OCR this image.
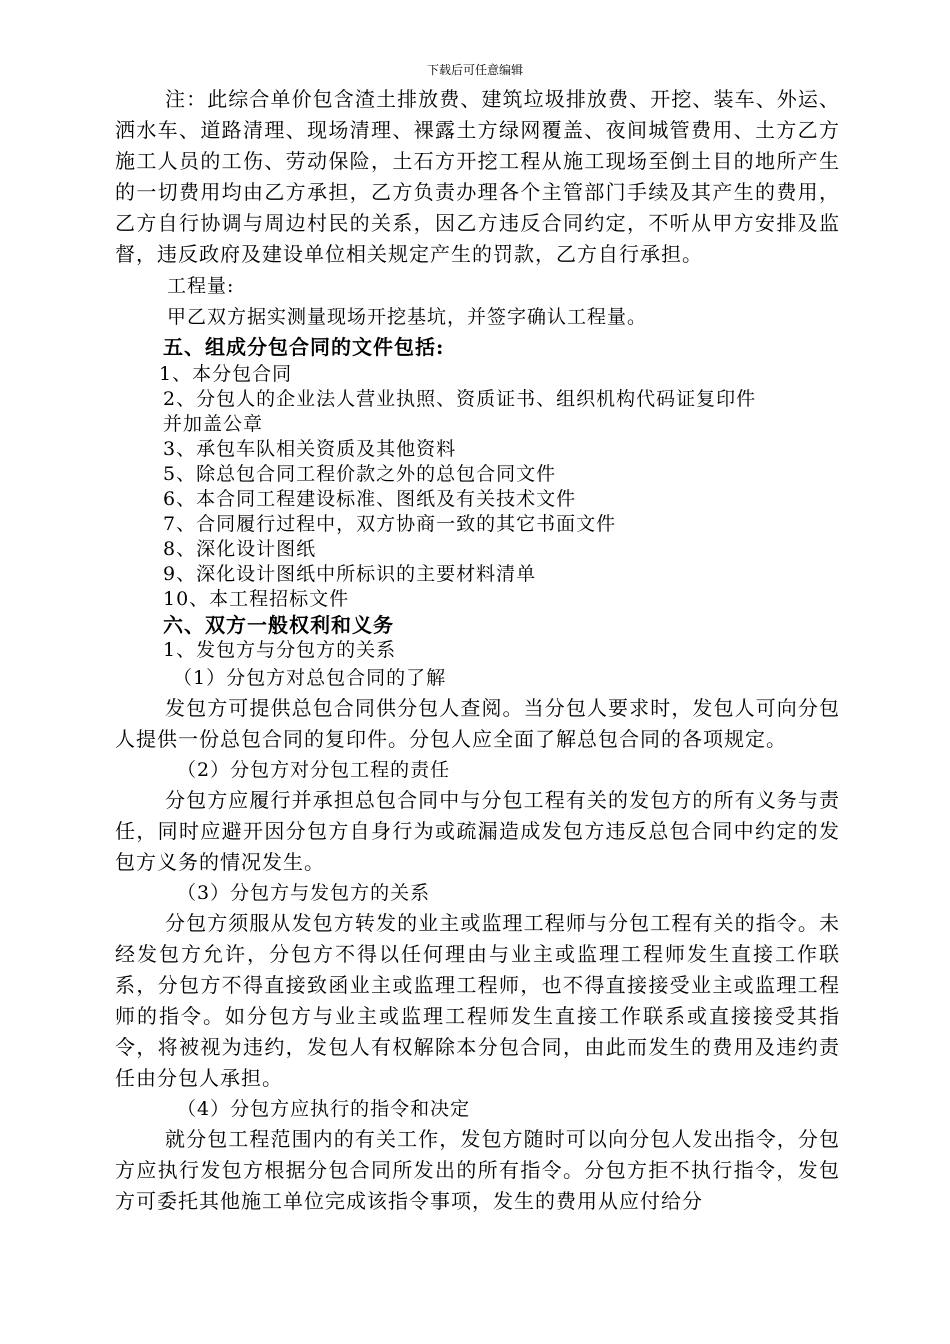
下载后可任意编辑

注：此综合单价包含渣土排放费、建筑垃圾排放费、开挖、装车、外运、洒水车、道路清理、现场清理、裸露土方绿网覆盖、夜间城管费用、土方乙方施工人员的工伤、劳动保险，土石方开挖工程从施工现场至倒土目的地所产生的一切费用均由乙方承担，乙方负责办理各个主管部门手续及其产生的费用，乙方自行协调与周边村民的关系，因乙方违反合同约定，不听从甲方安排及监督，违反政府及建设单位相关规定产生的罚款，乙方自行承担。

工程量:

甲乙双方据实测量现场开挖基坑，并签字确认工程量。

五、组成分包合同的文件包括:

1、本分包合同

2、分包人的企业法人营业执照、资质证书、组织机构代码证复印件

并加盖公章

3、承包车队相关资质及其他资料

5、除总包合同工程价款之外的总包合同文件

6、本合同工程建设标准、图纸及有关技术文件

7、合同履行过程中，双方协商一致的其它书面文件

8、深化设计图纸

9、深化设计图纸中所标识的主要材料清单

10、本工程招标文件

六、双方一般权利和义务

1、发包方与分包方的关系

（1）分包方对总包合同的了解

发包方可提供总包合同供分包人查阅。当分包人要求时，发包人可向分包人提供一份总包合同的复印件。分包人应全面了解总包合同的各项规定。

（2）分包方对分包工程的责任

分包方应履行并承担总包合同中与分包工程有关的发包方的所有义务与责任，同时应避开因分包方自身行为或疏漏造成发包方违反总包合同中约定的发包方义务的情况发生。

（3）分包方与发包方的关系

分包方须服从发包方转发的业主或监理工程师与分包工程有关的指令。未经发包方允许，分包方不得以任何理由与业主或监理工程师发生直接工作联系，分包方不得直接致函业主或监理工程师，也不得直接接受业主或监理工程师的指令。如分包方与业主或监理工程师发生直接工作联系或直接接受其指令，将被视为违约，发包人有权解除本分包合同，由此而发生的费用及违约责任由分包人承担。

（4）分包方应执行的指令和决定

就分包工程范围内的有关工作，发包方随时可以向分包人发出指令，分包方应执行发包方根据分包合同所发出的所有指令。分包方拒不执行指令，发包方可委托其他施工单位完成该指令事项，发生的费用从应付给分
